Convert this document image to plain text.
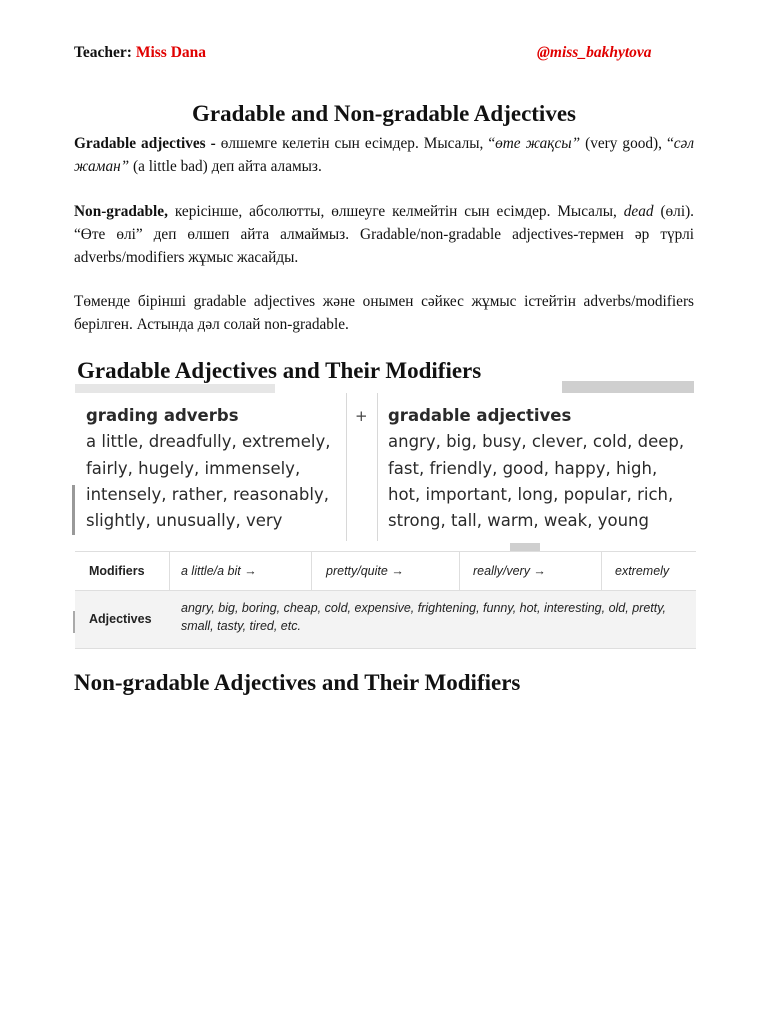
Teacher: Miss Dana	@miss_bakhytova
Gradable and Non-gradable Adjectives
Gradable adjectives - өлшемге келетін сын есімдер. Мысалы, “өте жақсы” (very good), “сәл жаман” (a little bad) деп айта аламыз.
Non-gradable, керісінше, абсолютты, өлшеуге келмейтін сын есімдер. Мысалы, dead (өлі). “Өте өлі” деп өлшеп айта алмаймыз. Gradable/non-gradable adjectives-термен әр түрлі adverbs/modifiers жұмыс жасайды.
Төменде бірінші gradable adjectives және онымен сәйкес жұмыс істейтін adverbs/modifiers берілген. Астында дәл солай non-gradable.
Gradable Adjectives and Their Modifiers
grading adverbs
a little, dreadfully, extremely,
fairly, hugely, immensely,
intensely, rather, reasonably,
slightly, unusually, very
+ gradable adjectives
angry, big, busy, clever, cold, deep,
fast, friendly, good, happy, high,
hot, important, long, popular, rich,
strong, tall, warm, weak, young
Modifiers	a little/a bit →	pretty/quite →	really/very →	extremely
Adjectives
angry, big, boring, cheap, cold, expensive, frightening, funny, hot, interesting, old, pretty, small, tasty, tired, etc.
Non-gradable Adjectives and Their Modifiers
